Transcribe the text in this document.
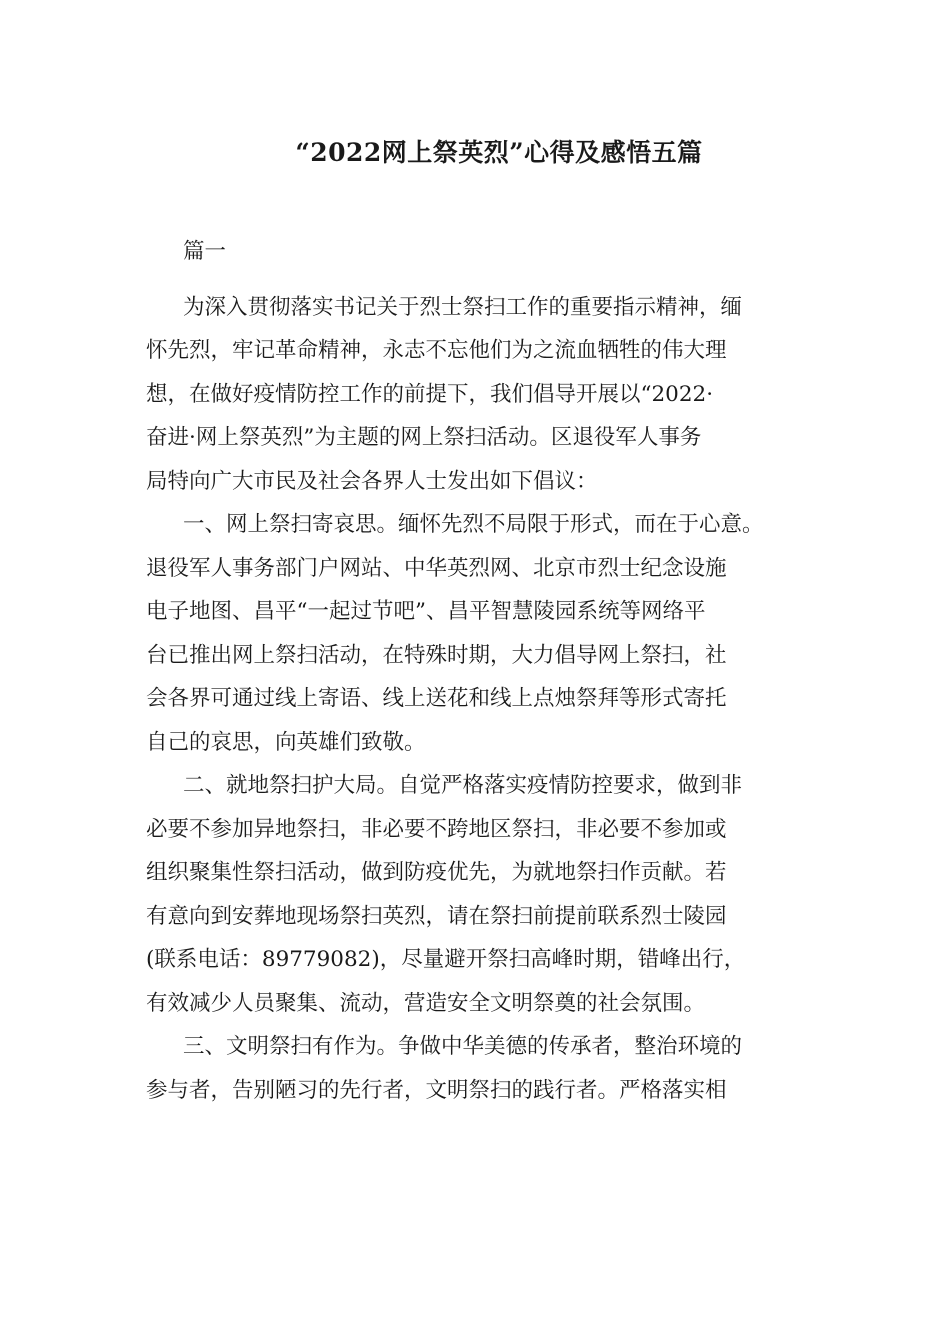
“2022网上祭英烈”心得及感悟五篇

篇一

为深入贯彻落实书记关于烈士祭扫工作的重要指示精神，缅
怀先烈，牢记革命精神，永志不忘他们为之流血牺牲的伟大理
想，在做好疫情防控工作的前提下，我们倡导开展以“2022·
奋进·网上祭英烈”为主题的网上祭扫活动。区退役军人事务
局特向广大市民及社会各界人士发出如下倡议：

一、网上祭扫寄哀思。缅怀先烈不局限于形式，而在于心意。
退役军人事务部门户网站、中华英烈网、北京市烈士纪念设施
电子地图、昌平“一起过节吧”、昌平智慧陵园系统等网络平
台已推出网上祭扫活动，在特殊时期，大力倡导网上祭扫，社
会各界可通过线上寄语、线上送花和线上点烛祭拜等形式寄托
自己的哀思，向英雄们致敬。

二、就地祭扫护大局。自觉严格落实疫情防控要求，做到非
必要不参加异地祭扫，非必要不跨地区祭扫，非必要不参加或
组织聚集性祭扫活动，做到防疫优先，为就地祭扫作贡献。若
有意向到安葬地现场祭扫英烈，请在祭扫前提前联系烈士陵园
(联系电话：89779082)，尽量避开祭扫高峰时期，错峰出行，
有效减少人员聚集、流动，营造安全文明祭奠的社会氛围。

三、文明祭扫有作为。争做中华美德的传承者，整治环境的
参与者，告别陋习的先行者，文明祭扫的践行者。严格落实相
